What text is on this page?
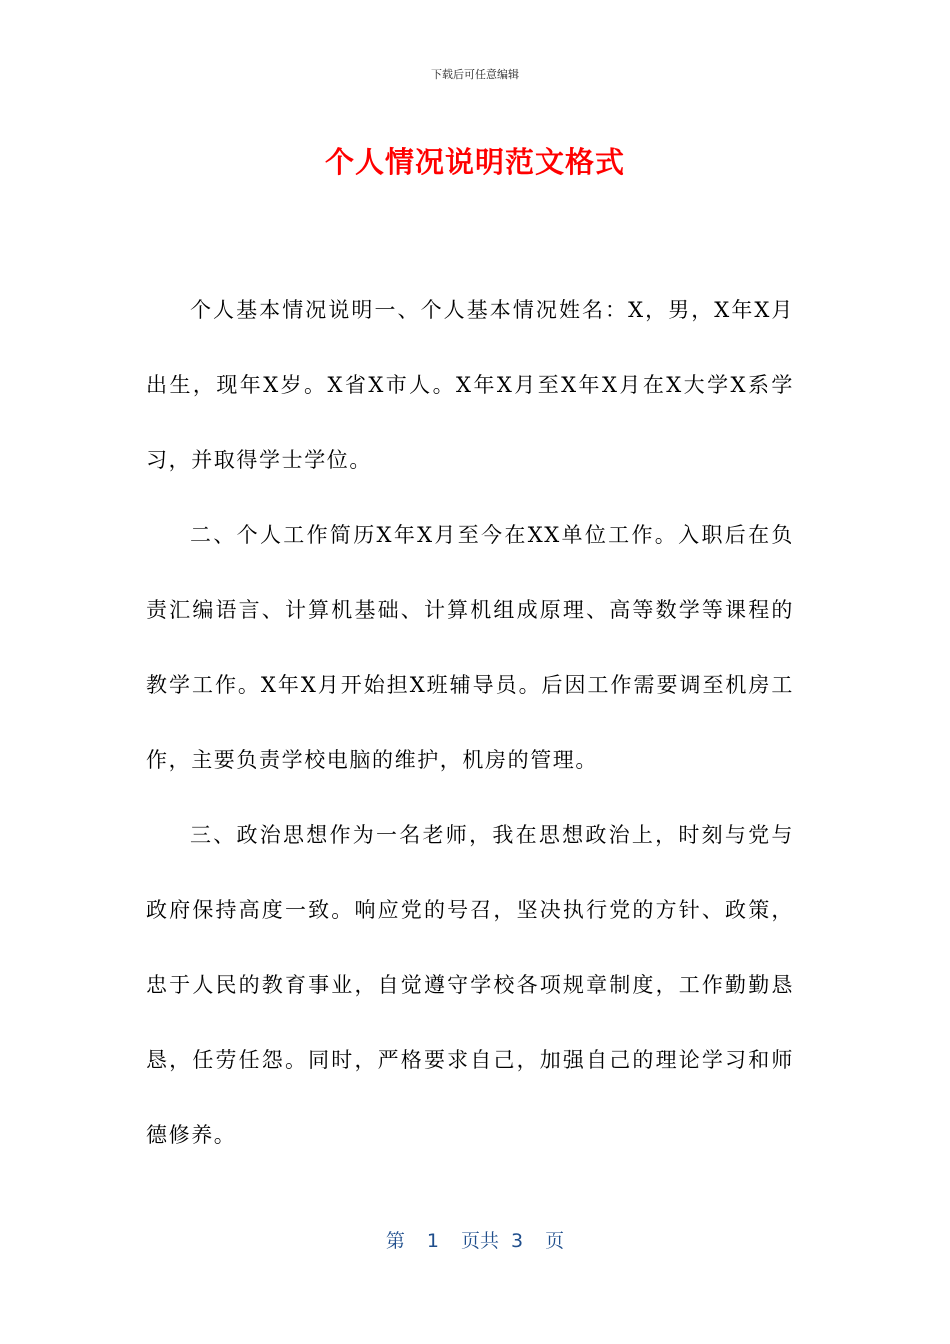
下载后可任意编辑
个人情况说明范文格式

个人基本情况说明一、个人基本情况姓名：X，男，X年X月出生，现年X岁。X省X市人。X年X月至X年X月在X大学X系学习，并取得学士学位。

二、个人工作简历X年X月至今在XX单位工作。入职后在负责汇编语言、计算机基础、计算机组成原理、高等数学等课程的教学工作。X年X月开始担X班辅导员。后因工作需要调至机房工作，主要负责学校电脑的维护，机房的管理。

三、政治思想作为一名老师，我在思想政治上，时刻与党与政府保持高度一致。响应党的号召，坚决执行党的方针、政策，忠于人民的教育事业，自觉遵守学校各项规章制度，工作勤勤恳恳，任劳任怨。同时，严格要求自己，加强自己的理论学习和师德修养。

第 1 页共 3 页
